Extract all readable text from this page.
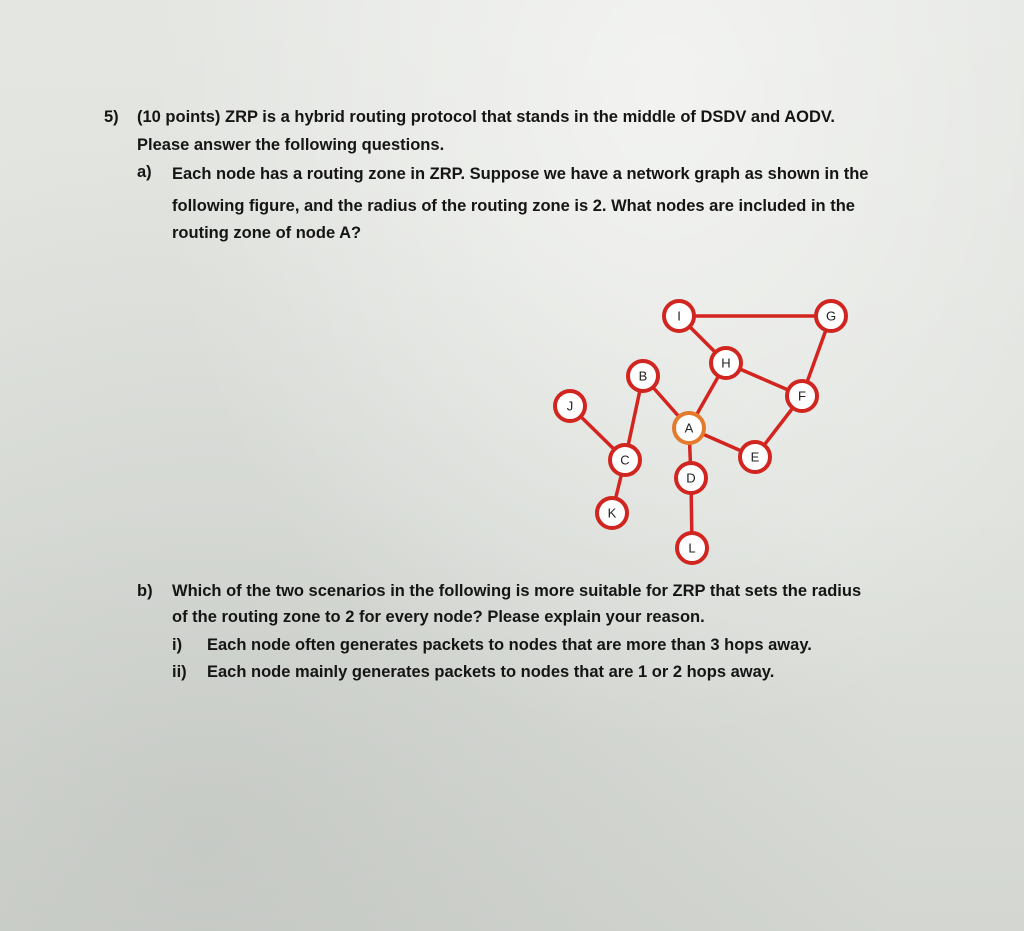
5) (10 points) ZRP is a hybrid routing protocol that stands in the middle of DSDV and AODV.
Please answer the following questions.
a) Each node has a routing zone in ZRP. Suppose we have a network graph as shown in the
following figure, and the radius of the routing zone is 2. What nodes are included in the
routing zone of node A?
I	G
H
B
F
J
A
C	E
D
K
L
b) Which of the two scenarios in the following is more suitable for ZRP that sets the radius
of the routing zone to 2 for every node? Please explain your reason.
i) Each node often generates packets to nodes that are more than 3 hops away.
ii) Each node mainly generates packets to nodes that are 1 or 2 hops away.
